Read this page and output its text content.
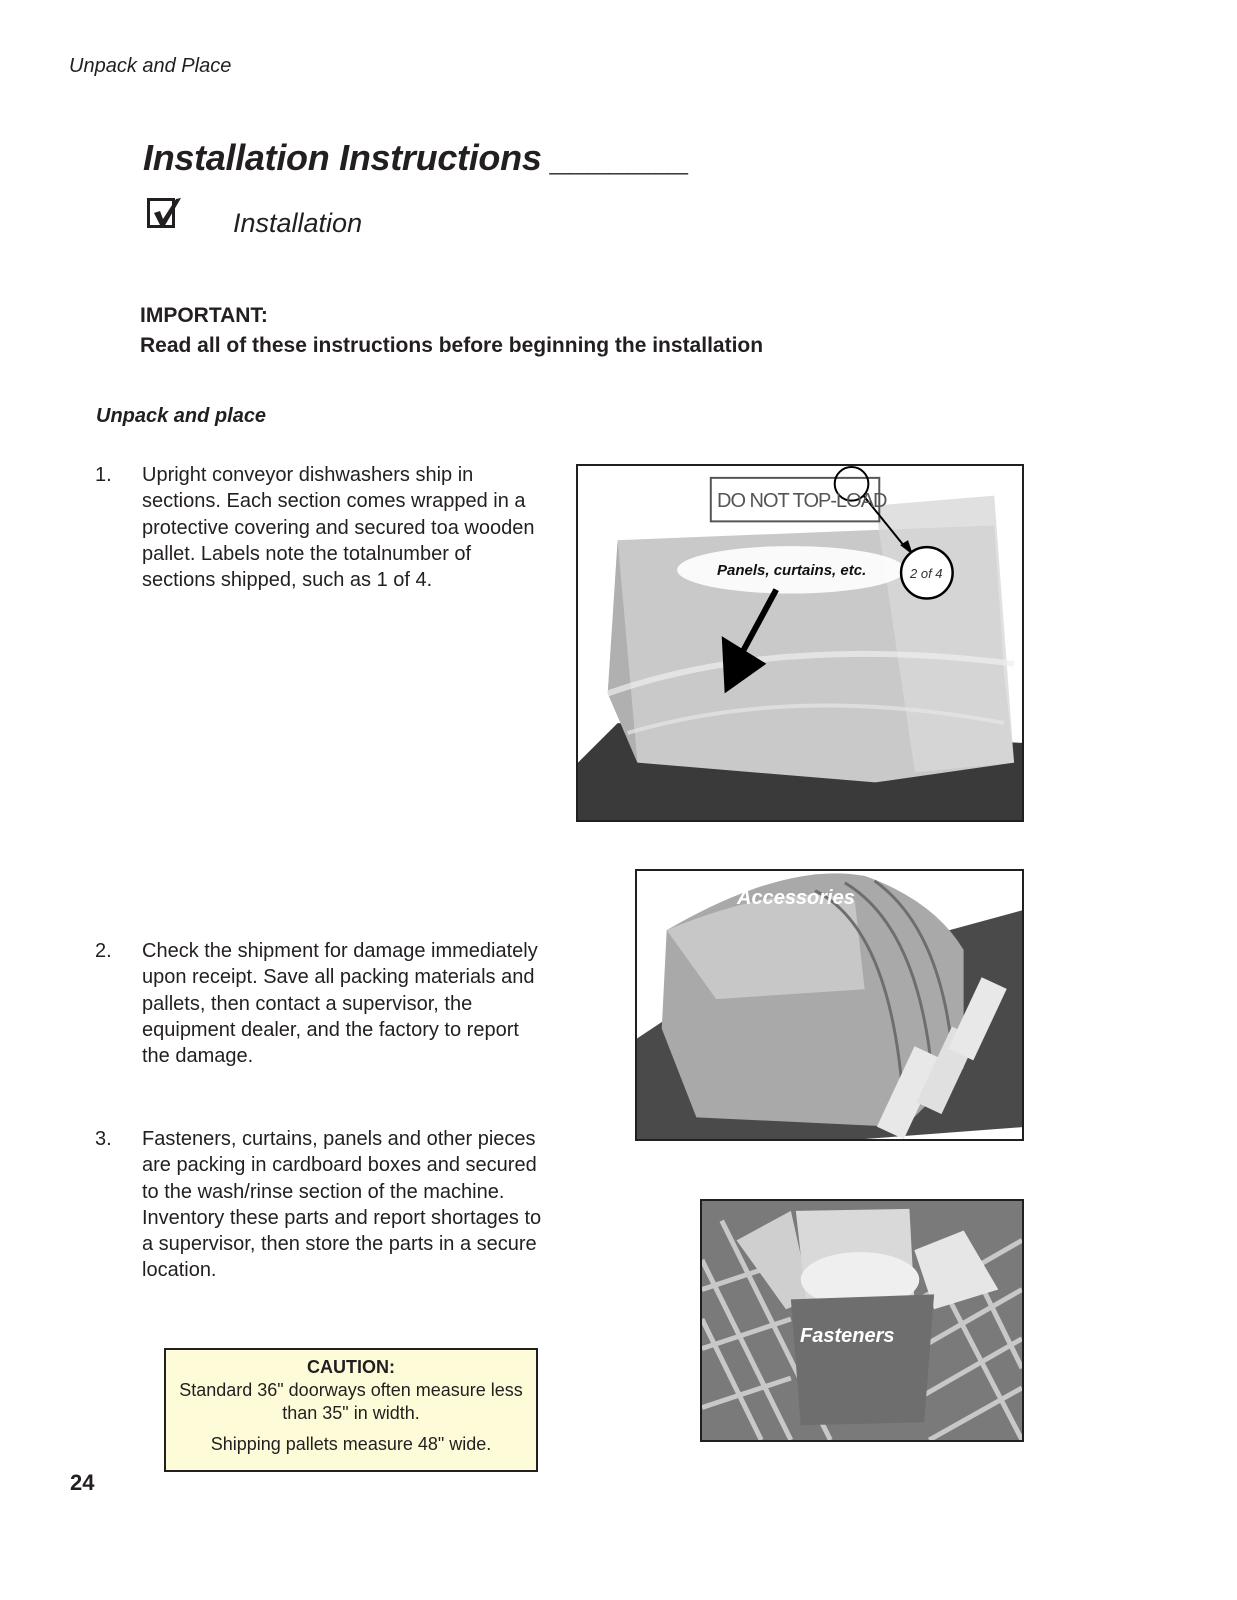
Unpack and Place
Installation Instructions _______
Installation
IMPORTANT:
Read all of these instructions before beginning the installation
Unpack and place
1. Upright conveyor dishwashers ship in sections. Each section comes wrapped in a protective covering and secured toa wooden pallet. Labels note the totalnumber of sections shipped, such as 1 of 4.
2. Check the shipment for damage immediately upon receipt. Save all packing materials and pallets, then contact a supervisor, the equipment dealer, and the factory to report the damage.
3. Fasteners, curtains, panels and other pieces are packing in cardboard boxes and secured to the wash/rinse section of the machine. Inventory these parts and report shortages to a supervisor, then store the parts in a secure location.
DO NOT TOP-LOAD
Panels, curtains, etc.	2 of 4
Accessories
Fasteners
CAUTION:
Standard 36" doorways often measure less than 35" in width.
Shipping pallets measure 48" wide.
24
